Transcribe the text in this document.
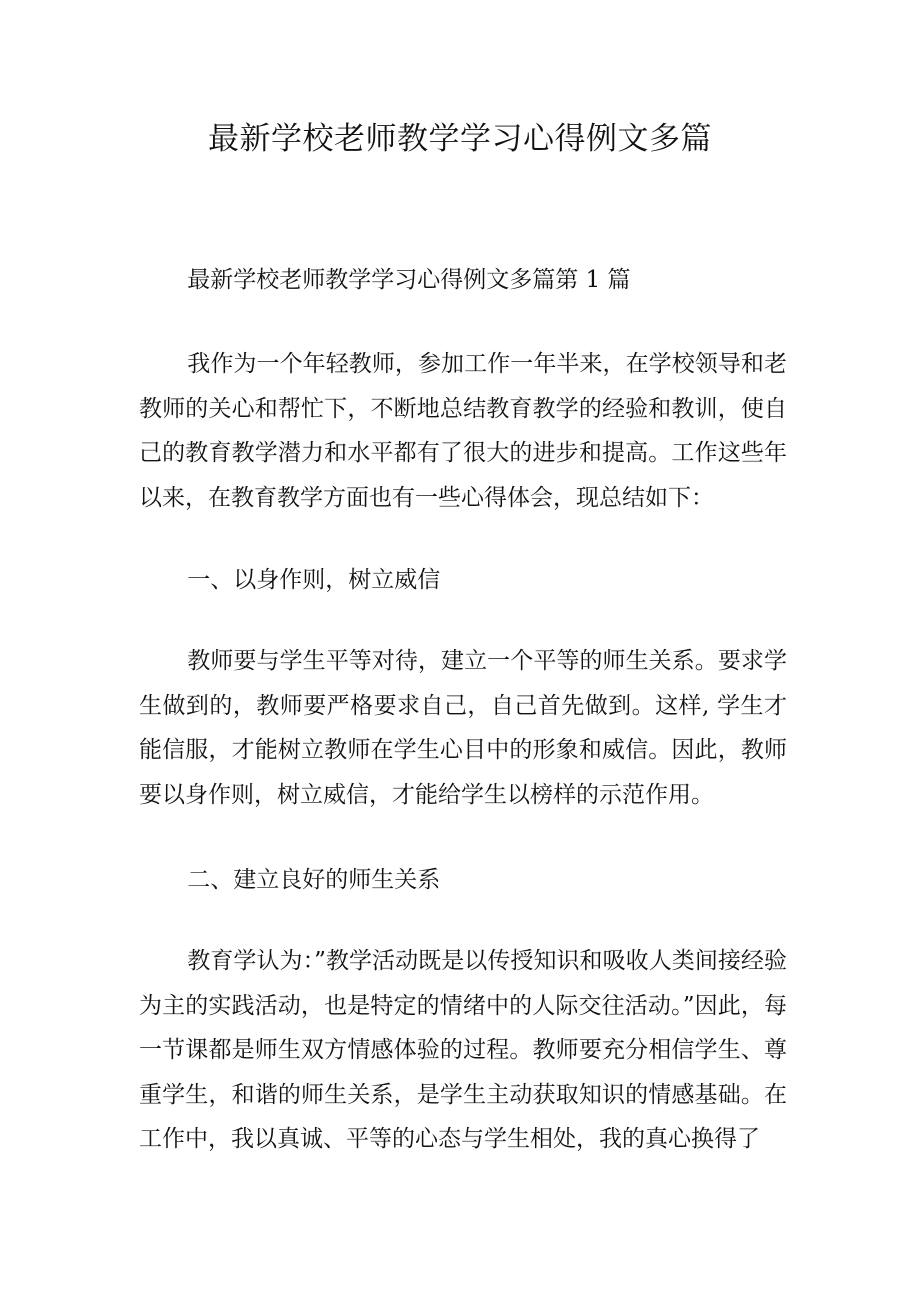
最新学校老师教学学习心得例文多篇

最新学校老师教学学习心得例文多篇第 1 篇

我作为一个年轻教师，参加工作一年半来，在学校领导和老教师的关心和帮忙下，不断地总结教育教学的经验和教训，使自己的教育教学潜力和水平都有了很大的进步和提高。工作这些年以来，在教育教学方面也有一些心得体会，现总结如下：

一、以身作则，树立威信

教师要与学生平等对待，建立一个平等的师生关系。要求学生做到的，教师要严格要求自己，自己首先做到。这样, 学生才能信服，才能树立教师在学生心目中的形象和威信。因此，教师要以身作则，树立威信，才能给学生以榜样的示范作用。

二、建立良好的师生关系

教育学认为：”教学活动既是以传授知识和吸收人类间接经验为主的实践活动，也是特定的情绪中的人际交往活动。”因此，每一节课都是师生双方情感体验的过程。教师要充分相信学生、尊重学生，和谐的师生关系，是学生主动获取知识的情感基础。在工作中，我以真诚、平等的心态与学生相处，我的真心换得了
